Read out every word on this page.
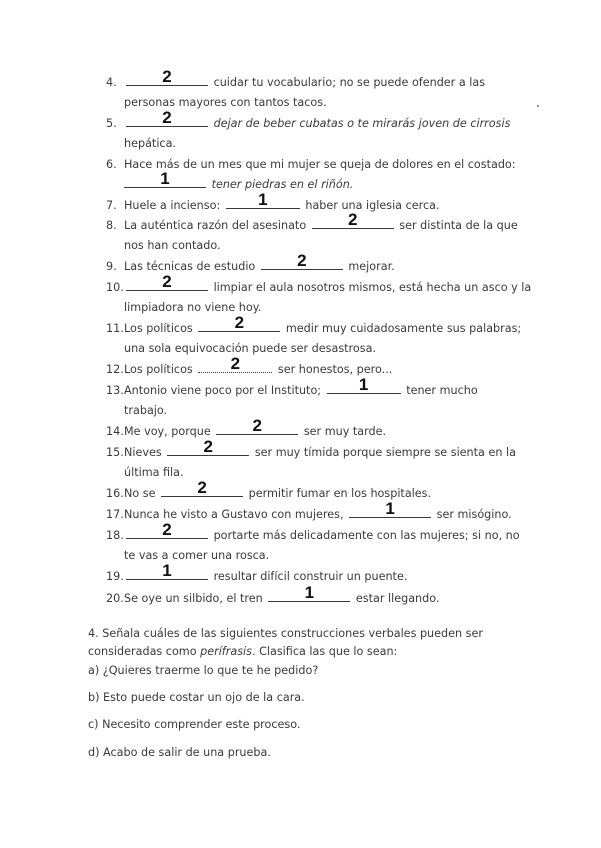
4.	2	cuidar tu vocabulario; no se puede ofender a las
personas mayores con tantos tacos.
5.	2	dejar de beber cubatas o te mirarás joven de cirrosis
hepática.
6. Hace más de un mes que mi mujer se queja de dolores en el costado:
1	tener piedras en el riñón.
7. Huele a incienso:	1	haber una iglesia cerca.
8. La auténtica razón del asesinato	2	ser distinta de la que
nos han contado.
9. Las técnicas de estudio	2	mejorar.
10.	2	limpiar el aula nosotros mismos, está hecha un asco y la
limpiadora no viene hoy.
11.Los políticos	2	medir muy cuidadosamente sus palabras;
una sola equivocación puede ser desastrosa.
12.Los políticos	2	ser honestos, pero...
13.Antonio viene poco por el Instituto;	1	tener mucho
trabajo.
14.Me voy, porque	2	ser muy tarde.
15.Nieves	2	ser muy tímida porque siempre se sienta en la
última fila.
16.No se	2	permitir fumar en los hospitales.
17.Nunca he visto a Gustavo con mujeres,	1	ser misógino.
18.	2	portarte más delicadamente con las mujeres; si no, no
te vas a comer una rosca.
19.	1	resultar difícil construir un puente.
20.Se oye un silbido, el tren	1	estar llegando.
4. Señala cuáles de las siguientes construcciones verbales pueden ser
consideradas como perífrasis. Clasifica las que lo sean:
a) ¿Quieres traerme lo que te he pedido?
b) Esto puede costar un ojo de la cara.
c) Necesito comprender este proceso.
d) Acabo de salir de una prueba.
